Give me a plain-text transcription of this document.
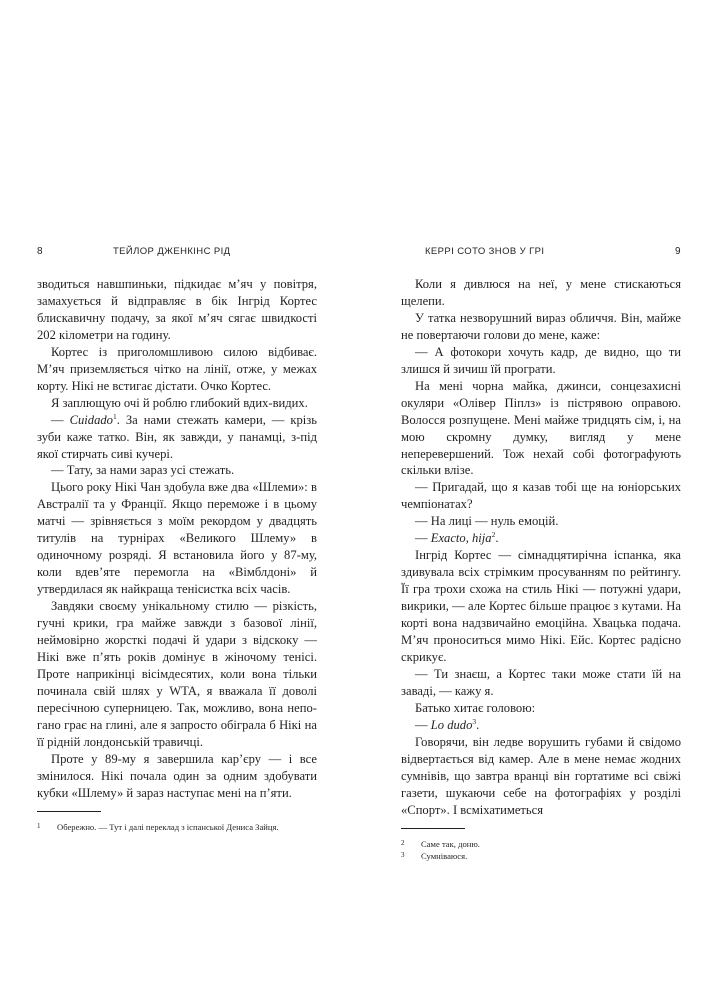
8	ТЕЙЛОР ДЖЕНКІНС РІД

зводиться навшпиньки, підкидає м’яч у повітря, замахується й відправляє в бік Інгрід Кортес блискавичну подачу, за якої м’яч сягає швидкості 202 кілометри на годину.

Кортес із приголомшливою силою відбиває. М’яч приземляється чітко на лінії, отже, у межах корту. Нікі не встигає дістати. Очко Кортес.

Я заплющую очі й роблю глибокий вдих-видих.

— Cuidado$^1$. За нами стежать камери, — крізь зуби каже татко. Він, як завжди, у панамці, з-під якої стирчать сиві кучері.

— Тату, за нами зараз усі стежать.

Цього року Нікі Чан здобула вже два «Шлеми»: в Австралії та у Франції. Якщо переможе і в цьому матчі — зрівняється з моїм рекордом у двадцять титулів на турнірах «Великого Шлему» в одиночному розряді. Я встановила його у 87-му, коли вдев’яте перемогла на «Вімблдоні» й утвердилася як найкраща тенісистка всіх часів.

Завдяки своєму унікальному стилю — різкість, гучні крики, гра майже завжди з базової лінії, неймовірно жорсткі подачі й удари з відскоку — Нікі вже п’ять років домінує в жіночому тенісі. Проте наприкінці вісімдесятих, коли вона тільки починала свій шлях у WTA, я вважала її доволі пересічною суперницею. Так, можливо, вона непогано грає на глині, але я запросто обіграла б Нікі на її рідній лондонській травичці.

Проте у 89-му я завершила кар’єру — і все змінилося. Нікі почала один за одним здобувати кубки «Шлему» й зараз наступає мені на п’яти.

1	Обережно. — Тут і далі переклад з іспанської Дениса Зайця.
КЕРРІ СОТО ЗНОВ У ГРІ	9

Коли я дивлюся на неї, у мене стискаються щелепи.

У татка незворушний вираз обличчя. Він, майже не повертаючи голови до мене, каже:

— А фотокори хочуть кадр, де видно, що ти злишся й зичиш їй програти.

На мені чорна майка, джинси, сонцезахисні окуляри «Олівер Піплз» із пістрявою оправою. Волосся розпущене. Мені майже тридцять сім, і, на мою скромну думку, вигляд у мене неперевершений. Тож нехай собі фотографують скільки влізе.

— Пригадай, що я казав тобі ще на юніорських чемпіонатах?

— На лиці — нуль емоцій.

— Exacto, hija$^2$.

Інгрід Кортес — сімнадцятирічна іспанка, яка здивувала всіх стрімким просуванням по рейтингу. Її гра трохи схожа на стиль Нікі — потужні удари, викрики, — але Кортес більше працює з кутами. На корті вона надзвичайно емоційна. Хвацька подача. М’яч проноситься мимо Нікі. Ейс. Кортес радісно скрикує.

— Ти знаєш, а Кортес таки може стати їй на заваді, — кажу я.

Батько хитає головою:

— Lo dudo$^3$.

Говорячи, він ледве ворушить губами й свідомо відвертається від камер. Але в мене немає жодних сумнівів, що завтра вранці він гортатиме всі свіжі газети, шукаючи себе на фотографіях у розділі «Спорт». І всміхатиметься

2	Саме так, доню.
3	Сумніваюся.
